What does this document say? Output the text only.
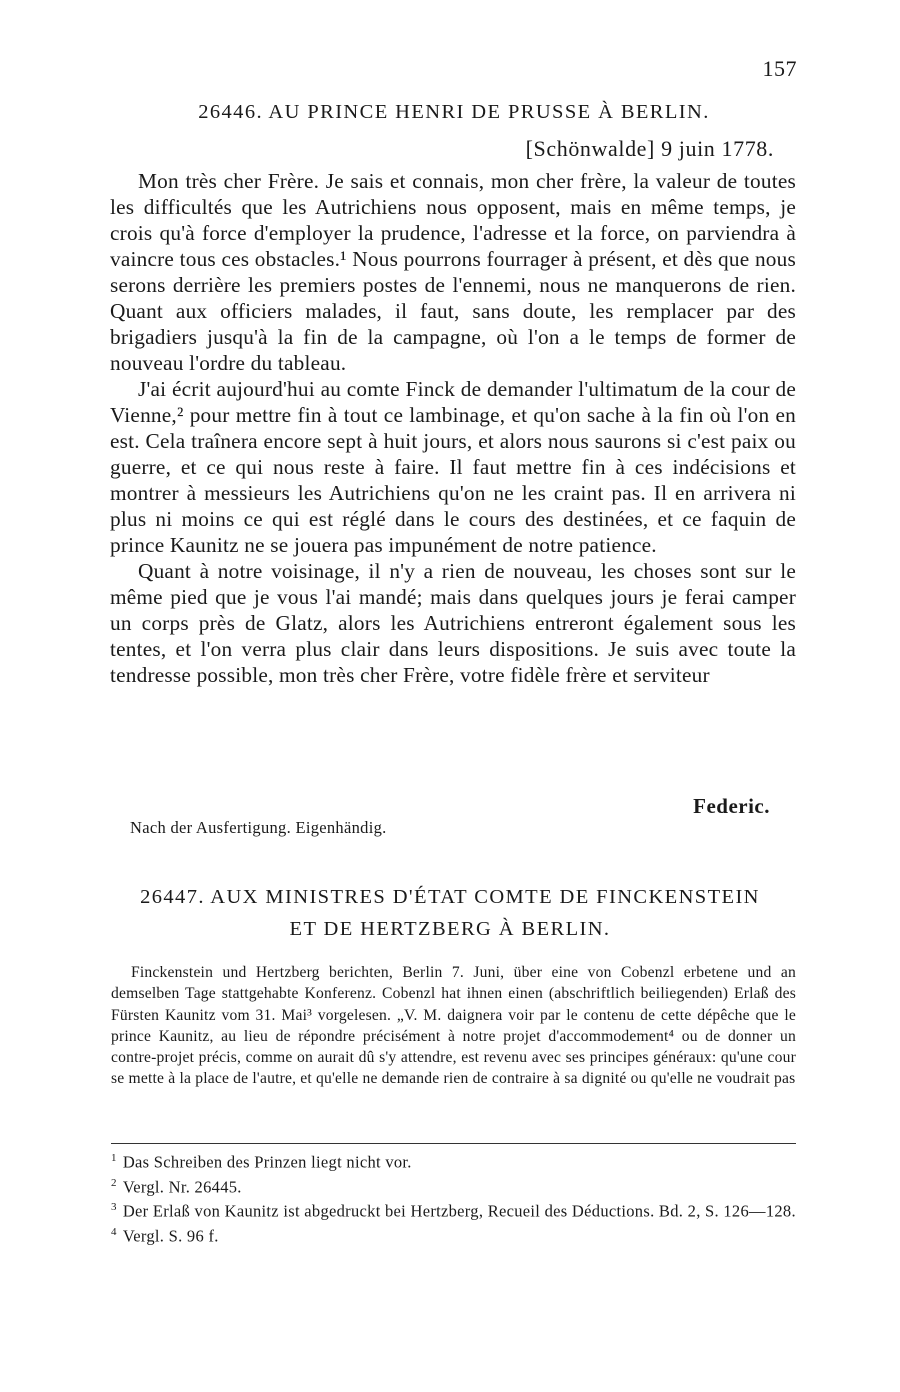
157
26446. AU PRINCE HENRI DE PRUSSE À BERLIN.
[Schönwalde] 9 juin 1778.

Mon très cher Frère. Je sais et connais, mon cher frère, la valeur de toutes les difficultés que les Autrichiens nous opposent, mais en même temps, je crois qu'à force d'employer la prudence, l'adresse et la force, on parviendra à vaincre tous ces obstacles.¹ Nous pourrons fourrager à présent, et dès que nous serons derrière les premiers postes de l'ennemi, nous ne manquerons de rien. Quant aux officiers malades, il faut, sans doute, les remplacer par des brigadiers jusqu'à la fin de la campagne, où l'on a le temps de former de nouveau l'ordre du tableau.

J'ai écrit aujourd'hui au comte Finck de demander l'ultimatum de la cour de Vienne,² pour mettre fin à tout ce lambinage, et qu'on sache à la fin où l'on en est. Cela traînera encore sept à huit jours, et alors nous saurons si c'est paix ou guerre, et ce qui nous reste à faire. Il faut mettre fin à ces indécisions et montrer à messieurs les Autrichiens qu'on ne les craint pas. Il en arrivera ni plus ni moins ce qui est réglé dans le cours des destinées, et ce faquin de prince Kaunitz ne se jouera pas impunément de notre patience.

Quant à notre voisinage, il n'y a rien de nouveau, les choses sont sur le même pied que je vous l'ai mandé; mais dans quelques jours je ferai camper un corps près de Glatz, alors les Autrichiens entreront également sous les tentes, et l'on verra plus clair dans leurs dispositions. Je suis avec toute la tendresse possible, mon très cher Frère, votre fidèle frère et serviteur

Federic.
Nach der Ausfertigung. Eigenhändig.
26447. AUX MINISTRES D'ÉTAT COMTE DE FINCKENSTEIN
ET DE HERTZBERG À BERLIN.

Finckenstein und Hertzberg berichten, Berlin 7. Juni, über eine von Cobenzl erbetene und an demselben Tage stattgehabte Konferenz. Cobenzl hat ihnen einen (abschriftlich beiliegenden) Erlaß des Fürsten Kaunitz vom 31. Mai³ vorgelesen. „V. M. daignera voir par le contenu de cette dépêche que le prince Kaunitz, au lieu de répondre précisément à notre projet d'accommodement⁴ ou de donner un contre-projet précis, comme on aurait dû s'y attendre, est revenu avec ses principes généraux: qu'une cour se mette à la place de l'autre, et qu'elle ne demande rien de contraire à sa dignité ou qu'elle ne voudrait pas

$^1$ Das Schreiben des Prinzen liegt nicht vor.

$^2$ Vergl. Nr. 26445.

$^3$ Der Erlaß von Kaunitz ist abgedruckt bei Hertzberg, Recueil des Déductions. Bd. 2, S. 126—128.

$^4$ Vergl. S. 96 f.
